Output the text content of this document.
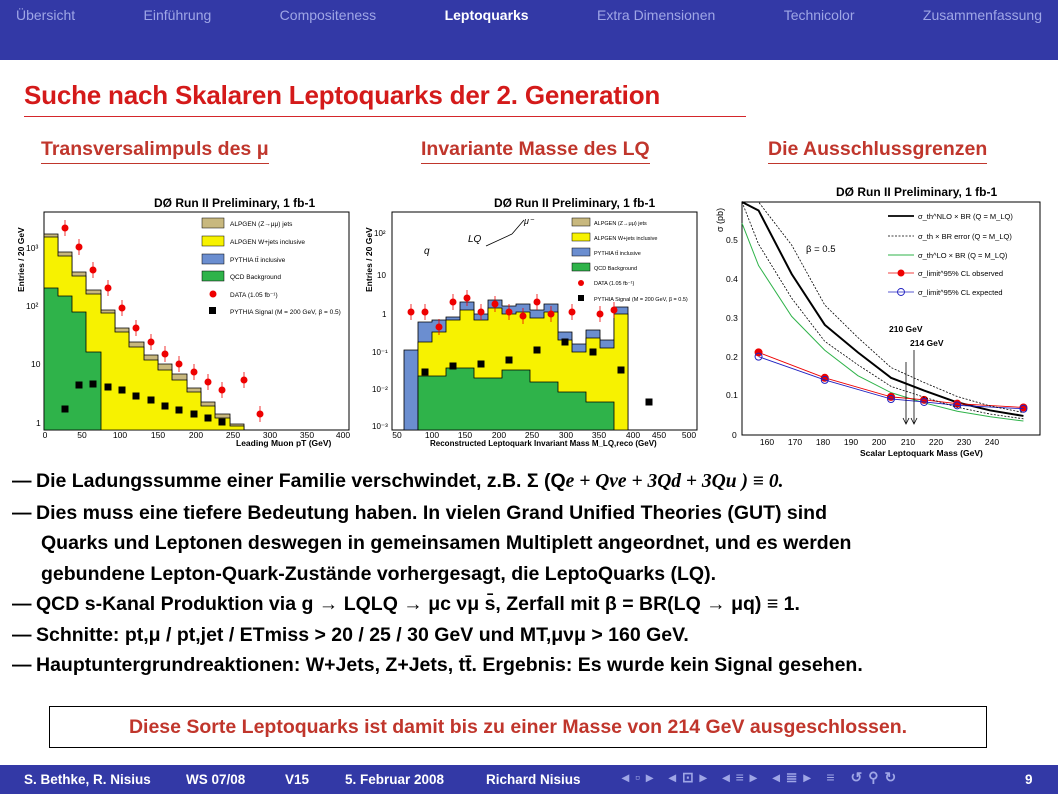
Übersicht	Einführung	Compositeness	Leptoquarks	Extra Dimensionen	Technicolor	Zusammenfassung
Suche nach Skalaren Leptoquarks der 2. Generation
Transversalimpuls des μ	Invariante Masse des LQ	Die Ausschlussgrenzen
DØ Run II Preliminary, 1 fb-1
ALPGEN (Z→μμ) jets
ALPGEN W+jets inclusive
PYTHIA tt̄ inclusive
QCD Background
DATA (1.05 fb⁻¹)
PYTHIA Signal (M = 200 GeV, β = 0.5)
10³
10²
10
1
0	50	100	150	200	250	300	350	400
Leading Muon pT (GeV)
Entries / 20 GeV
DØ Run II Preliminary, 1 fb-1
ALPGEN (Z→μμ) jets
ALPGEN W+jets inclusive
PYTHIA tt̄ inclusive
QCD Background
DATA (1.05 fb⁻¹)
PYTHIA Signal (M = 200 GeV, β = 0.5)
q
LQ
μ⁻
10²
10
1
10⁻¹
10⁻²
10⁻³
50	100 150 200 250 300 350 400 450 500
Reconstructed Leptoquark Invariant Mass M_LQ,reco (GeV)
Entries / 20 GeV
DØ Run II Preliminary, 1 fb-1
210 GeV
214 GeV
β = 0.5
σ_th^NLO × BR (Q = M_LQ)
σ_th × BR error (Q = M_LQ)
σ_th^LO × BR (Q = M_LQ)
σ_limit^95% CL observed
σ_limit^95% CL expected
0
0.1
0.2
0.3
0.4
0.5
160 170 180 190 200 210 220 230 240
Scalar Leptoquark Mass (GeV)
σ (pb)
— Die Ladungssumme einer Familie verschwindet, z.B. Σ (Qe + Qνe + 3Qd + 3Qu ) ≡ 0.
— Dies muss eine tiefere Bedeutung haben. In vielen Grand Unified Theories (GUT) sind
Quarks und Leptonen deswegen in gemeinsamen Multiplett angeordnet, und es werden
gebundene Lepton-Quark-Zustände vorhergesagt, die LeptoQuarks (LQ).
— QCD s-Kanal Produktion via g → LQLQ → μc νμ s̄, Zerfall mit β = BR(LQ → μq) ≡ 1.
— Schnitte: pt,μ / pt,jet / ETmiss > 20 / 25 / 30 GeV und MT,μνμ > 160 GeV.
— Hauptuntergrundreaktionen: W+Jets, Z+Jets, tt̄. Ergebnis: Es wurde kein Signal gesehen.
Diese Sorte Leptoquarks ist damit bis zu einer Masse von 214 GeV ausgeschlossen.
S. Bethke, R. Nisius	WS 07/08	V15	5. Februar 2008	Richard Nisius	◂▫▸ ◂⊡▸ ◂≡▸ ◂≣▸ ≡ ↺⚲↻	9
